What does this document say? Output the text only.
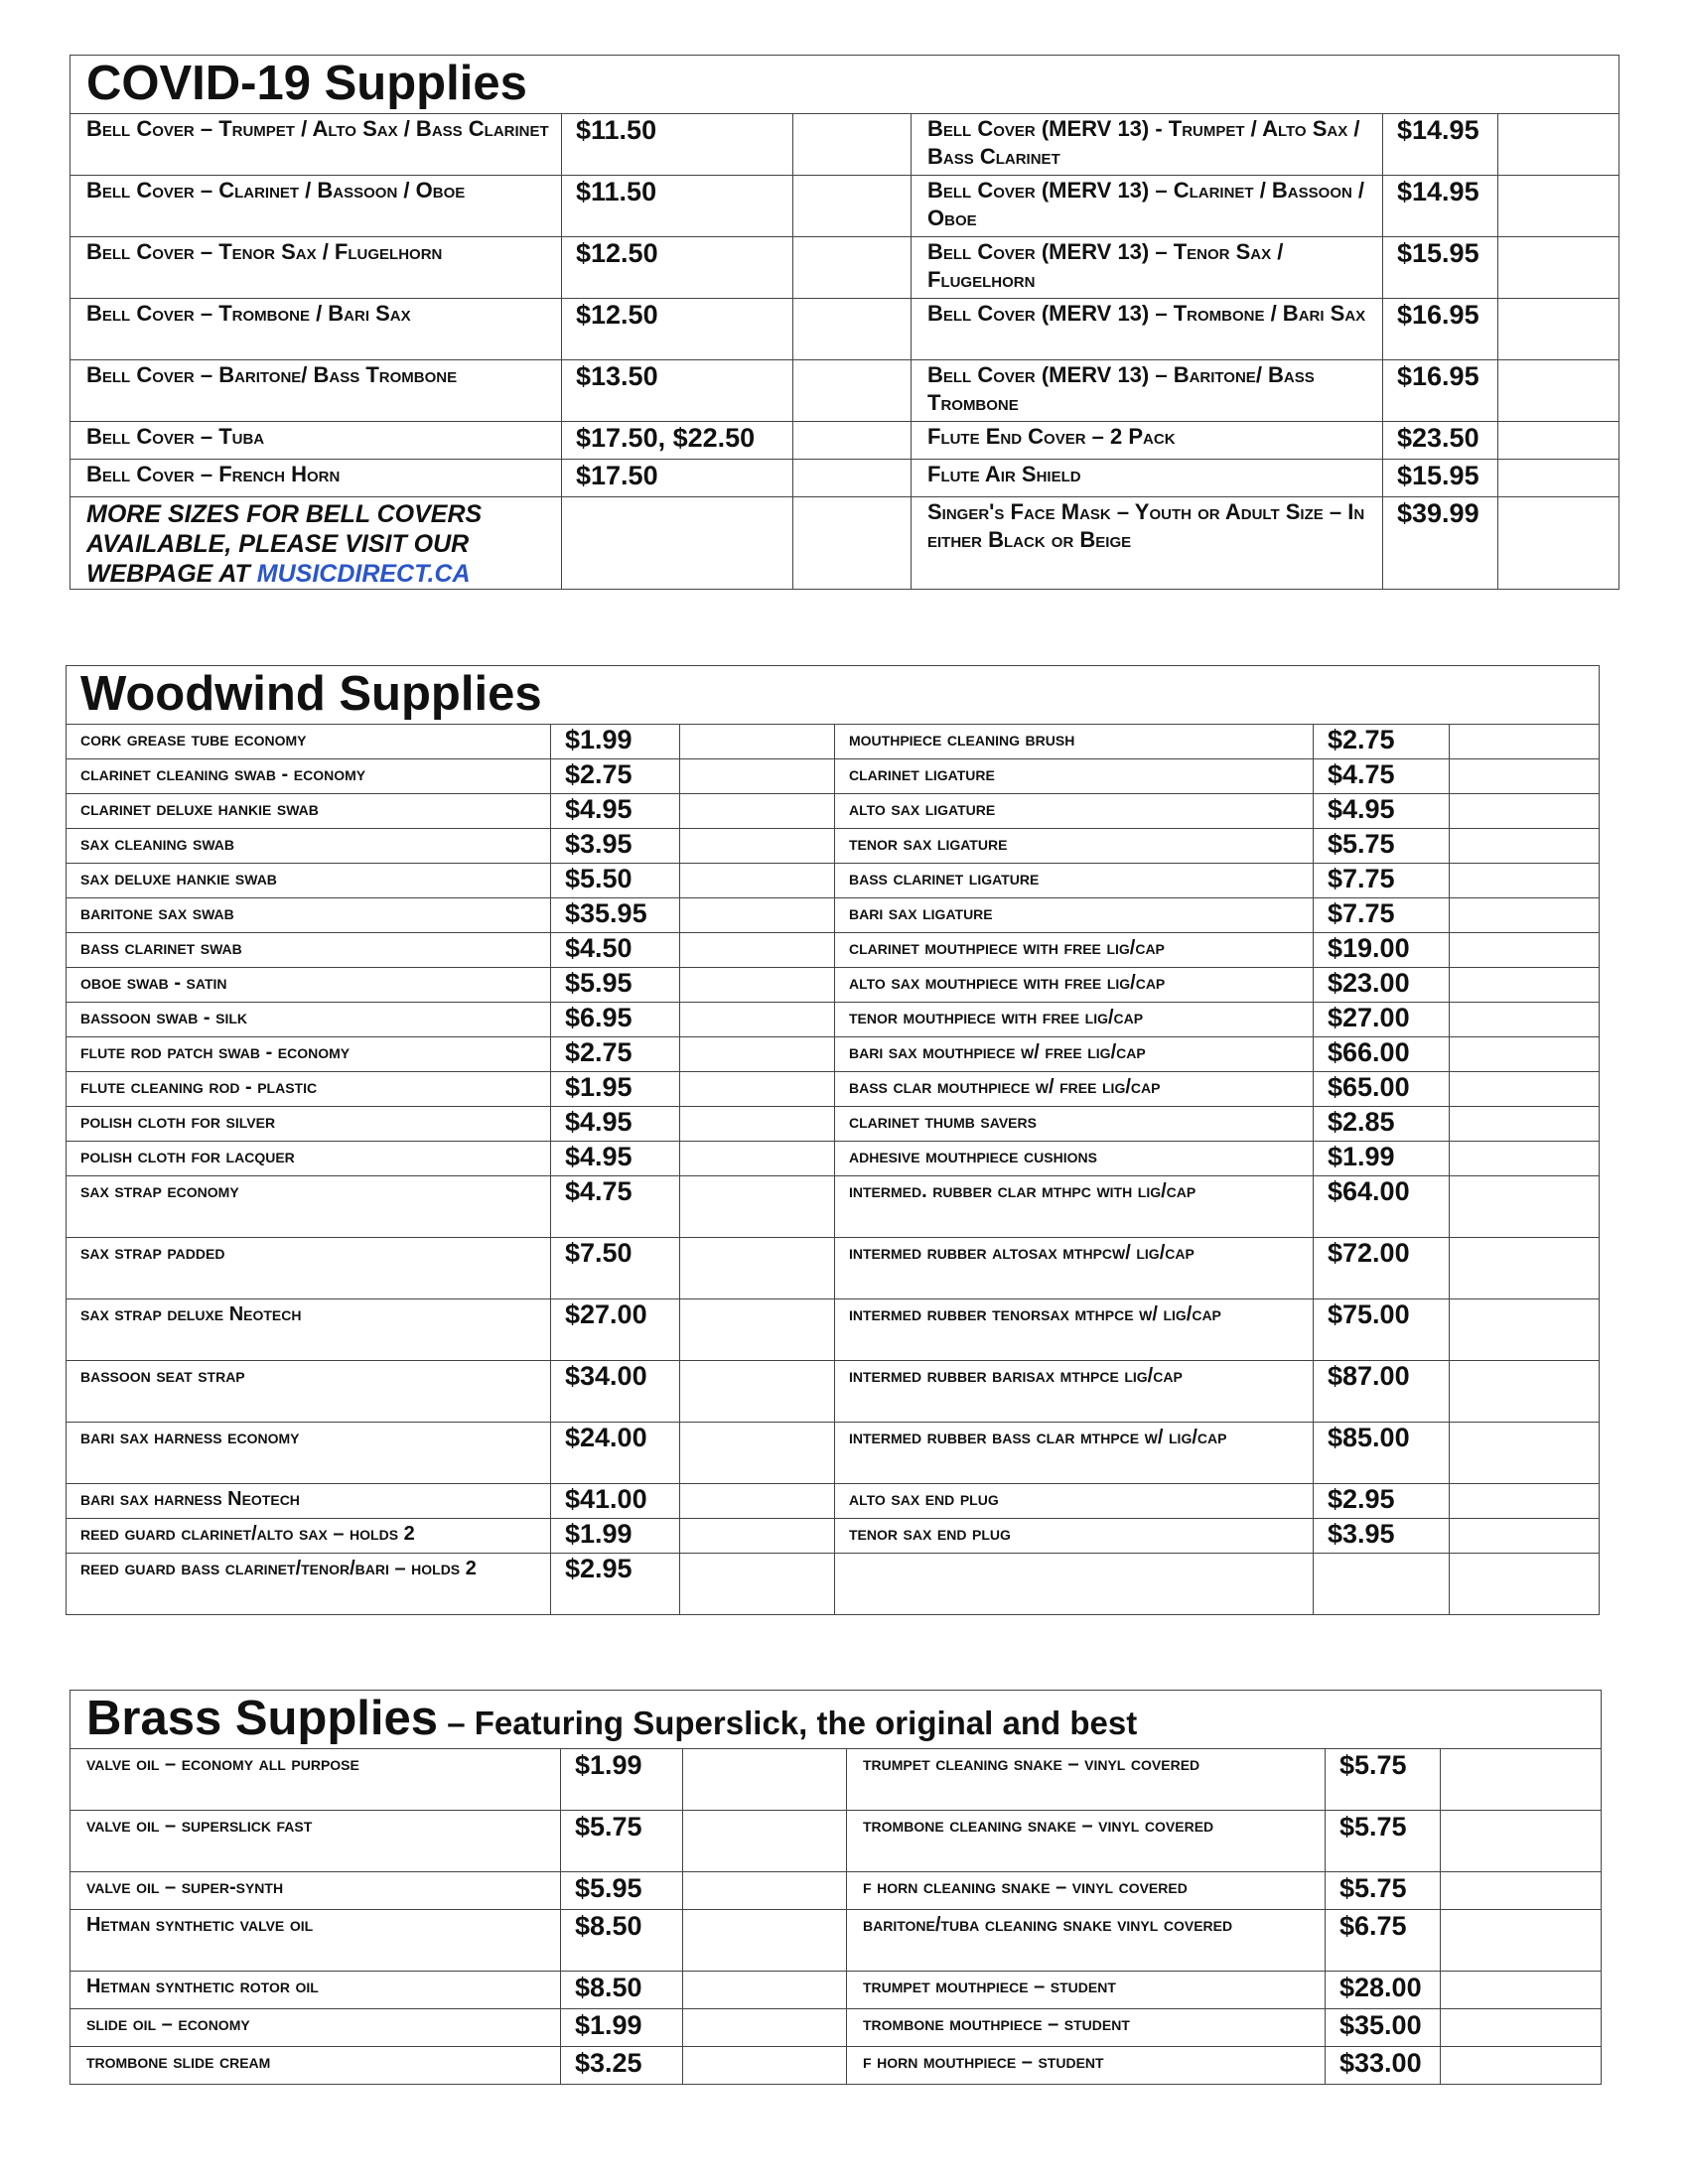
COVID-19 Supplies					
Bell Cover – Trumpet / Alto Sax / Bass Clarinet	$11.50		Bell Cover (MERV 13) - Trumpet / Alto Sax / Bass Clarinet	$14.95	
Bell Cover – Clarinet / Bassoon / Oboe	$11.50		Bell Cover (MERV 13) – Clarinet / Bassoon / Oboe	$14.95	
Bell Cover – Tenor Sax / Flugelhorn	$12.50		Bell Cover (MERV 13) – Tenor Sax / Flugelhorn	$15.95	
Bell Cover – Trombone / Bari Sax	$12.50		Bell Cover (MERV 13) – Trombone / Bari Sax	$16.95	
Bell Cover – Baritone/ Bass Trombone	$13.50		Bell Cover (MERV 13) – Baritone/ Bass Trombone	$16.95	
Bell Cover – Tuba	$17.50, $22.50		Flute End Cover – 2 Pack	$23.50	
Bell Cover – French Horn	$17.50		Flute Air Shield	$15.95	
MORE SIZES FOR BELL COVERS AVAILABLE, PLEASE VISIT OUR WEBPAGE AT MUSICDIRECT.CA			Singer's Face Mask – Youth or Adult Size – In either Black or Beige	$39.99	
Woodwind Supplies					
cork grease tube economy	$1.99		mouthpiece cleaning brush	$2.75	
clarinet cleaning swab - economy	$2.75		clarinet ligature	$4.75	
clarinet deluxe hankie swab	$4.95		alto sax ligature	$4.95	
sax cleaning swab	$3.95		tenor sax ligature	$5.75	
sax deluxe hankie swab	$5.50		bass clarinet ligature	$7.75	
baritone sax swab	$35.95		bari sax ligature	$7.75	
bass clarinet swab	$4.50		clarinet mouthpiece with free lig/cap	$19.00	
oboe swab - satin	$5.95		alto sax mouthpiece with free lig/cap	$23.00	
bassoon swab - silk	$6.95		tenor mouthpiece with free lig/cap	$27.00	
flute rod patch swab - economy	$2.75		bari sax mouthpiece w/ free lig/cap	$66.00	
flute cleaning rod - plastic	$1.95		bass clar mouthpiece w/ free lig/cap	$65.00	
polish cloth for silver	$4.95		clarinet thumb savers	$2.85	
polish cloth for lacquer	$4.95		adhesive mouthpiece cushions	$1.99	
sax strap economy	$4.75		intermed. rubber clar mthpc with lig/cap	$64.00	
sax strap padded	$7.50		intermed rubber altosax mthpcw/ lig/cap	$72.00	
sax strap deluxe Neotech	$27.00		intermed rubber tenorsax mthpce w/ lig/cap	$75.00	
bassoon seat strap	$34.00		intermed rubber barisax mthpce lig/cap	$87.00	
bari sax harness economy	$24.00		intermed rubber bass clar mthpce w/ lig/cap	$85.00	
bari sax harness Neotech	$41.00		alto sax end plug	$2.95	
reed guard clarinet/alto sax – holds 2	$1.99		tenor sax end plug	$3.95	
reed guard bass clarinet/tenor/bari – holds 2	$2.95				
Brass Supplies – Featuring Superslick, the original and best					
valve oil – economy all purpose	$1.99		trumpet cleaning snake – vinyl covered	$5.75	
valve oil – superslick fast	$5.75		trombone cleaning snake – vinyl covered	$5.75	
valve oil – super-synth	$5.95		f horn cleaning snake – vinyl covered	$5.75	
Hetman synthetic valve oil	$8.50		baritone/tuba cleaning snake vinyl covered	$6.75	
Hetman synthetic rotor oil	$8.50		trumpet mouthpiece – student	$28.00	
slide oil – economy	$1.99		trombone mouthpiece – student	$35.00	
trombone slide cream	$3.25		f horn mouthpiece – student	$33.00	
